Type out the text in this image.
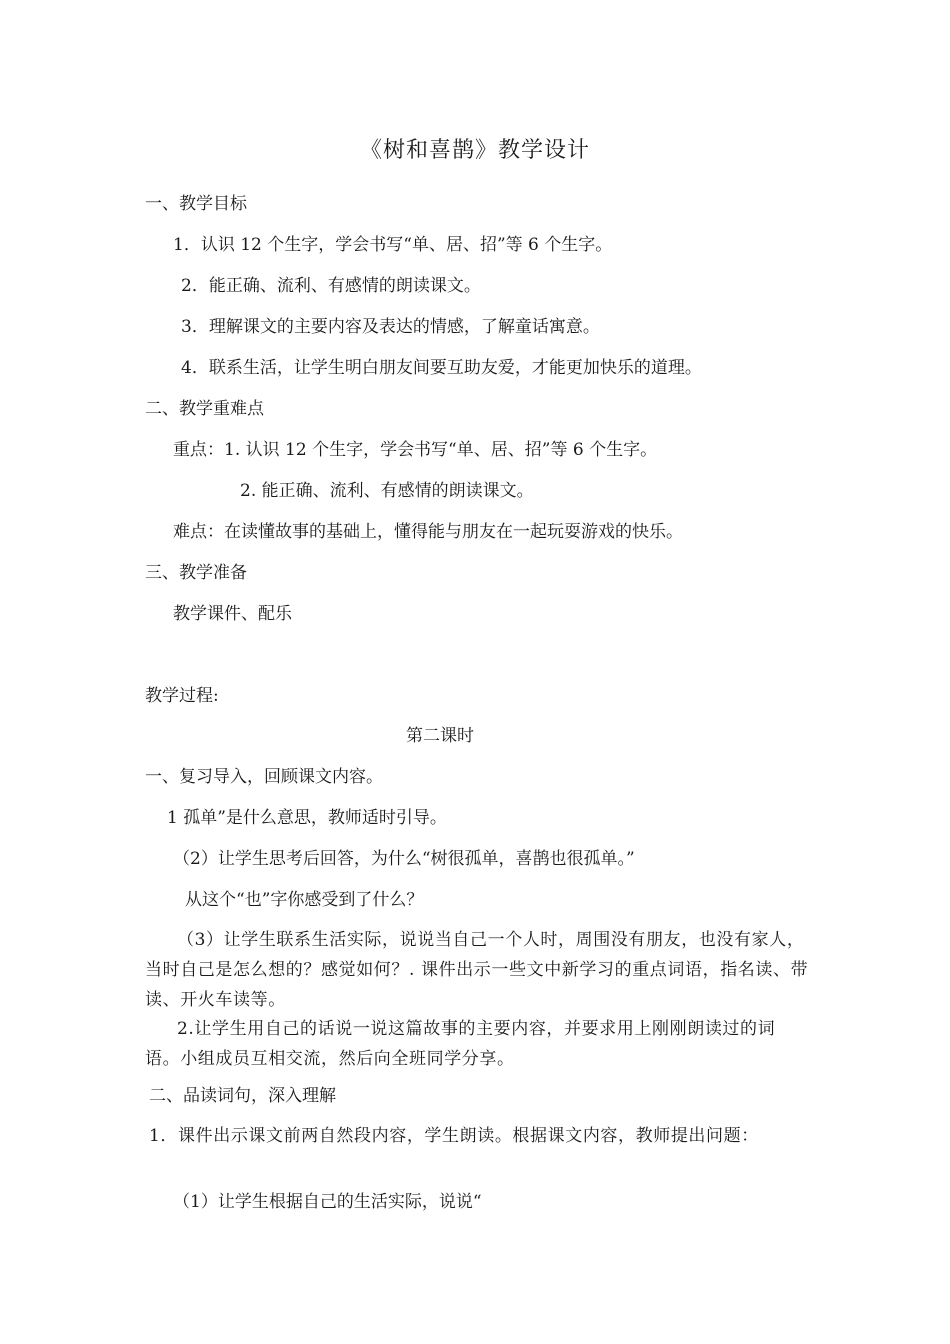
《树和喜鹊》教学设计
一、教学目标
1．认识 12 个生字，学会书写“单、居、招”等 6 个生字。
2．能正确、流利、有感情的朗读课文。
3．理解课文的主要内容及表达的情感，了解童话寓意。
4．联系生活，让学生明白朋友间要互助友爱，才能更加快乐的道理。
二、教学重难点
重点：1. 认识 12 个生字，学会书写“单、居、招”等 6 个生字。
2. 能正确、流利、有感情的朗读课文。
难点：在读懂故事的基础上，懂得能与朋友在一起玩耍游戏的快乐。
三、教学准备
教学课件、配乐
教学过程:
第二课时
一、复习导入，回顾课文内容。
1 孤单”是什么意思，教师适时引导。
（2）让学生思考后回答，为什么“树很孤单，喜鹊也很孤单。”
从这个“也”字你感受到了什么？
（3）让学生联系生活实际，说说当自己一个人时，周围没有朋友，也没有家人，当时自己是怎么想的？感觉如何？. 课件出示一些文中新学习的重点词语，指名读、带读、开火车读等。
2.让学生用自己的话说一说这篇故事的主要内容，并要求用上刚刚朗读过的词语。小组成员互相交流，然后向全班同学分享。
二、品读词句，深入理解
1．课件出示课文前两自然段内容，学生朗读。根据课文内容，教师提出问题：
（1）让学生根据自己的生活实际，说说“
